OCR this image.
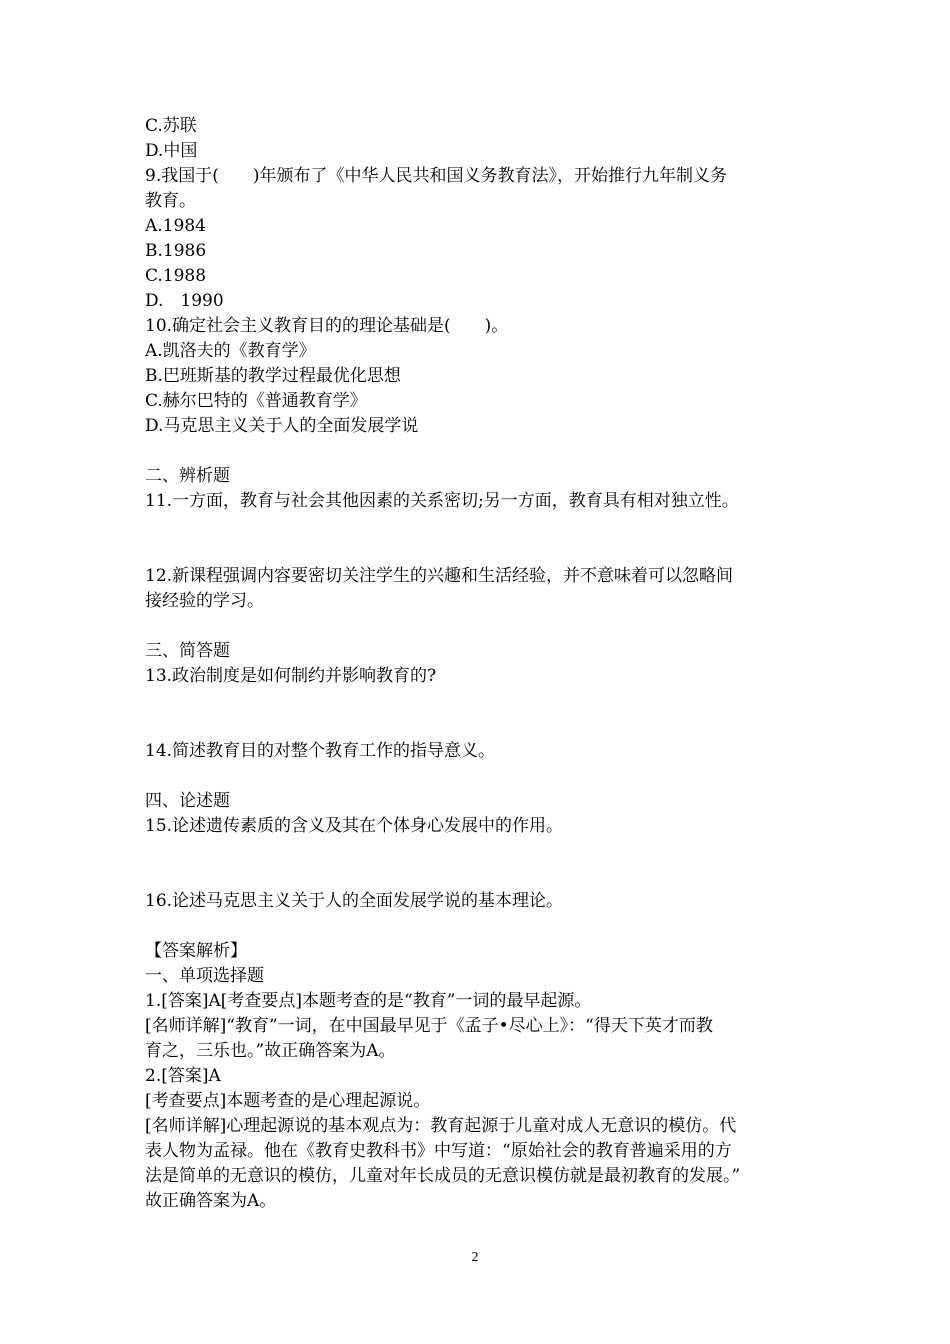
C.苏联
D.中国
9.我国于(　　)年颁布了《中华人民共和国义务教育法》，开始推行九年制义务
教育。
A.1984
B.1986
C.1988
D.　1990
10.确定社会主义教育目的的理论基础是(　　)。
A.凯洛夫的《教育学》
B.巴班斯基的教学过程最优化思想
C.赫尔巴特的《普通教育学》
D.马克思主义关于人的全面发展学说
二、辨析题
11.一方面，教育与社会其他因素的关系密切;另一方面，教育具有相对独立性。
12.新课程强调内容要密切关注学生的兴趣和生活经验，并不意味着可以忽略间
接经验的学习。
三、简答题
13.政治制度是如何制约并影响教育的?
14.简述教育目的对整个教育工作的指导意义。
四、论述题
15.论述遗传素质的含义及其在个体身心发展中的作用。
16.论述马克思主义关于人的全面发展学说的基本理论。
【答案解析】
一、单项选择题
1.[答案]A[考查要点]本题考查的是“教育”一词的最早起源。
[名师详解]“教育”一词，在中国最早见于《孟子•尽心上》：“得天下英才而教
育之，三乐也。”故正确答案为A。
2.[答案]A
[考查要点]本题考查的是心理起源说。
[名师详解]心理起源说的基本观点为：教育起源于儿童对成人无意识的模仿。代
表人物为孟禄。他在《教育史教科书》中写道：“原始社会的教育普遍采用的方
法是简单的无意识的模仿，儿童对年长成员的无意识模仿就是最初教育的发展。”
故正确答案为A。
2
